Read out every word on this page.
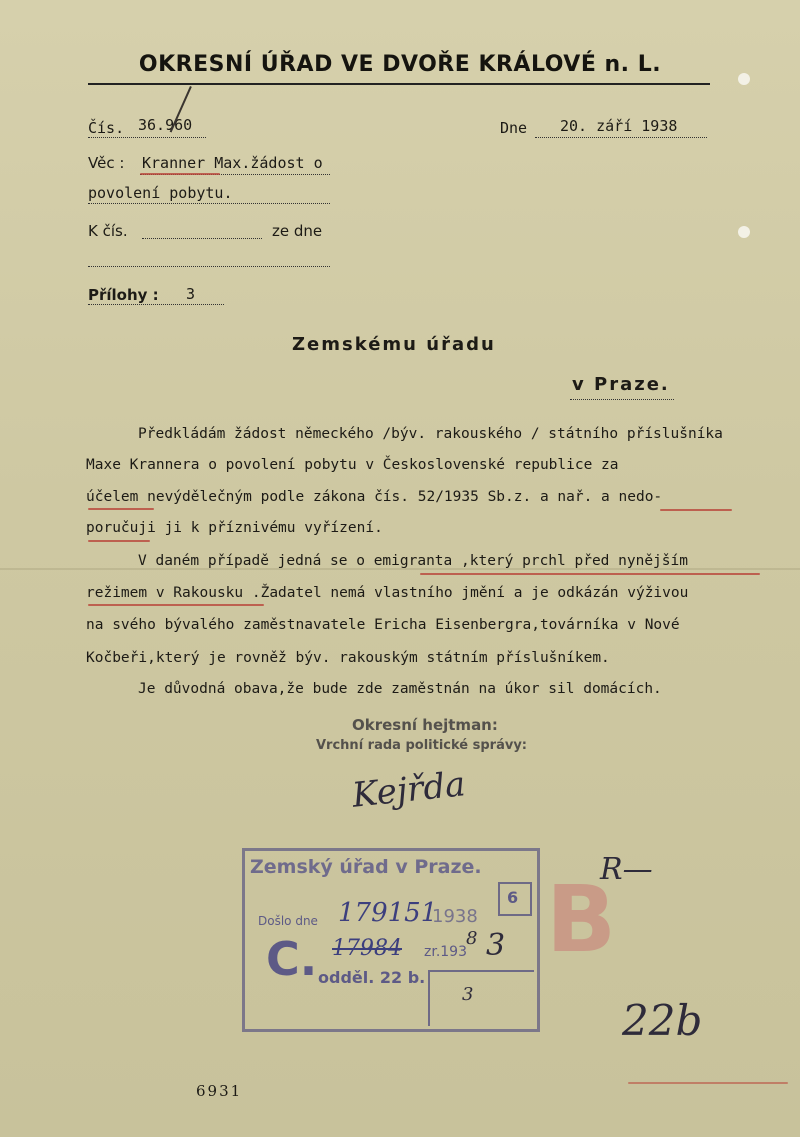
OKRESNÍ ÚŘAD VE DVOŘE KRÁLOVÉ n. L.
Čís. 36.960	Dne 20. září 1938
Věc : Kranner Max.žádost o
povolení pobytu.
K čís.	ze dne
Přílohy : 3
Zemskému úřadu
v Praze.
Předkládám žádost německého /býv. rakouského / státního příslušníka
Maxe Krannera o povolení pobytu v Československé republice za
účelem nevýdělečným podle zákona čís. 52/1935 Sb.z. a nař. a nedo-
poručuji ji k příznivému vyřízení.
V daném případě jedná se o emigranta ,který prchl před nynějším
režimem v Rakousku .Žadatel nemá vlastního jmění a je odkázán výživou
na svého bývalého zaměstnavatele Ericha Eisenbergra,továrníka v Nové
Kočbeři,který je rovněž býv. rakouským státním příslušníkem.
Je důvodná obava,že bude zde zaměstnán na úkor sil domácích.
Okresní hejtman:
Vrchní rada politické správy:
Kejřda
Zemský úřad v Praze.
6
Došlo dne 179151
1938
C. 17984 zr.193
8 3
odděl. 22 b.
3
B
R—
22b
6931
